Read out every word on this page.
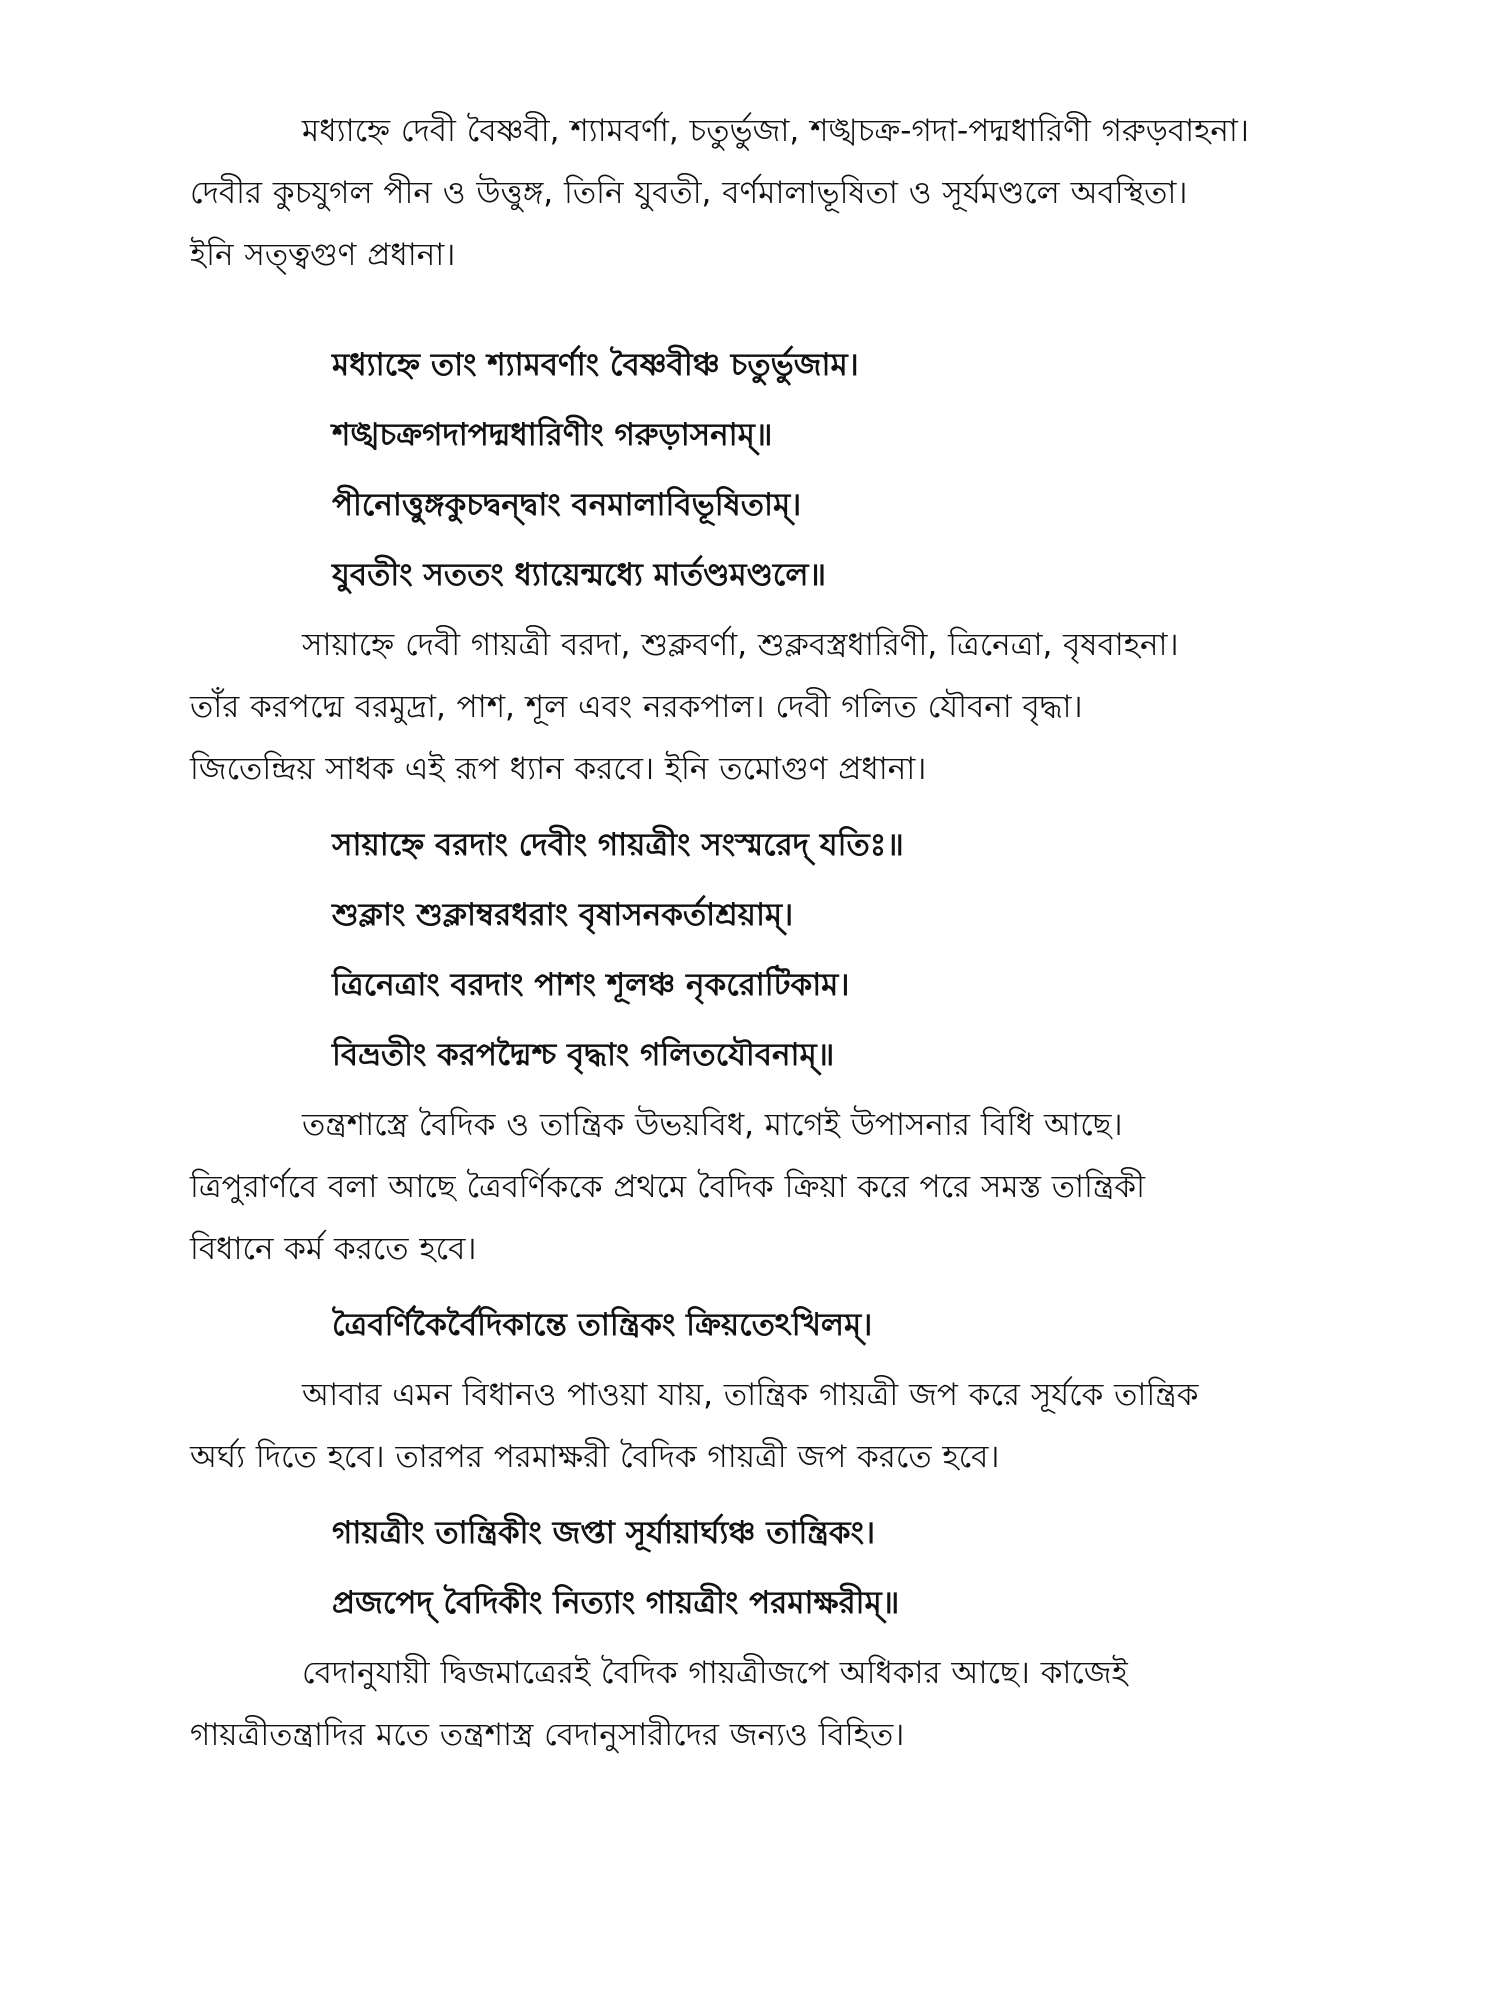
মধ্যাহ্নে দেবী বৈষ্ণবী, শ্যামবর্ণা, চতুর্ভুজা, শঙ্খচক্র-গদা-পদ্মধারিণী গরুড়বাহনা।
দেবীর কুচযুগল পীন ও উত্তুঙ্গ, তিনি যুবতী, বর্ণমালাভূষিতা ও সূর্যমণ্ডলে অবস্থিতা।
ইনি সত্ত্বগুণ প্রধানা।

মধ্যাহ্নে তাং শ্যামবর্ণাং বৈষ্ণবীঞ্চ চতুর্ভুজাম।
শঙ্খচক্রগদাপদ্মধারিণীং গরুড়াসনাম্॥
পীনোত্তুঙ্গকুচদ্বন্দ্বাং বনমালাবিভূষিতাম্।
যুবতীং সততং ধ্যায়েন্মধ্যে মার্তণ্ডমণ্ডলে॥

সায়াহ্নে দেবী গায়ত্রী বরদা, শুক্লবর্ণা, শুক্লবস্ত্রধারিণী, ত্রিনেত্রা, বৃষবাহনা।
তাঁর করপদ্মে বরমুদ্রা, পাশ, শূল এবং নরকপাল। দেবী গলিত যৌবনা বৃদ্ধা।
জিতেন্দ্রিয় সাধক এই রূপ ধ্যান করবে। ইনি তমোগুণ প্রধানা।

সায়াহ্নে বরদাং দেবীং গায়ত্রীং সংস্মরেদ্ যতিঃ॥
শুক্লাং শুক্লাম্বরধরাং বৃষাসনকর্তাশ্রয়াম্।
ত্রিনেত্রাং বরদাং পাশং শূলঞ্চ নৃকরোটিকাম।
বিভ্রতীং করপদ্মৈশ্চ বৃদ্ধাং গলিতযৌবনাম্॥

তন্ত্রশাস্ত্রে বৈদিক ও তান্ত্রিক উভয়বিধ, মাগেই উপাসনার বিধি আছে।
ত্রিপুরার্ণবে বলা আছে ত্রৈবর্ণিককে প্রথমে বৈদিক ক্রিয়া করে পরে সমস্ত তান্ত্রিকী
বিধানে কর্ম করতে হবে।

ত্রৈবর্ণিকৈর্বৈদিকান্তে তান্ত্রিকং ক্রিয়তেঽখিলম্।

আবার এমন বিধানও পাওয়া যায়, তান্ত্রিক গায়ত্রী জপ করে সূর্যকে তান্ত্রিক
অর্ঘ্য দিতে হবে। তারপর পরমাক্ষরী বৈদিক গায়ত্রী জপ করতে হবে।

গায়ত্রীং তান্ত্রিকীং জপ্তা সূর্যায়ার্ঘ্যঞ্চ তান্ত্রিকং।
প্রজপেদ্ বৈদিকীং নিত্যাং গায়ত্রীং পরমাক্ষরীম্॥

বেদানুযায়ী দ্বিজমাত্রেরই বৈদিক গায়ত্রীজপে অধিকার আছে। কাজেই
গায়ত্রীতন্ত্রাদির মতে তন্ত্রশাস্ত্র বেদানুসারীদের জন্যও বিহিত।
